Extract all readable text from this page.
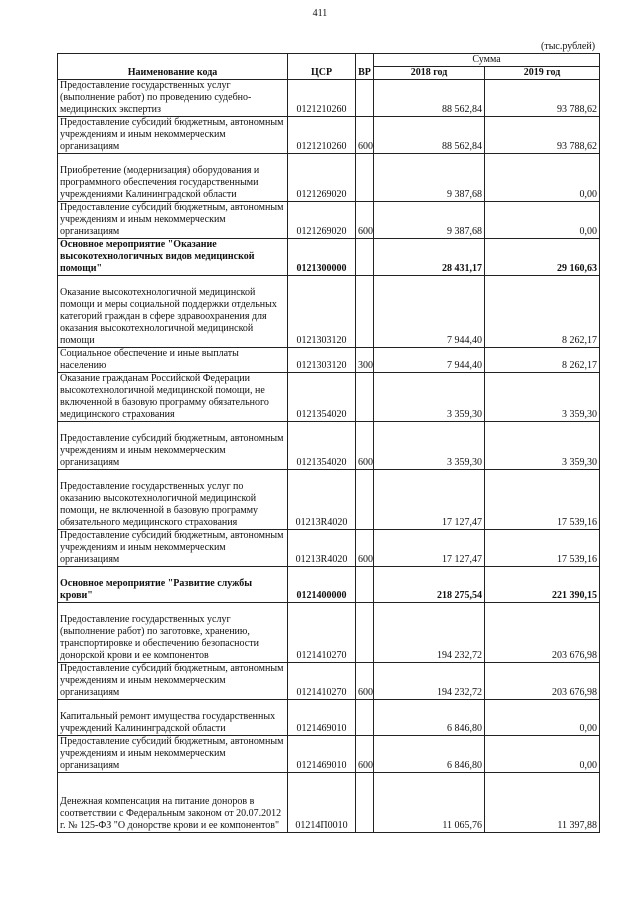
411
(тыс.рублей)
Наименование кода	ЦСР	ВР	Сумма	
			2018 год	2019 год
Предоставление государственных услуг (выполнение работ) по проведению судебно-медицинских экспертиз	0121210260		88 562,84	93 788,62
Предоставление субсидий бюджетным, автономным учреждениям и иным некоммерческим организациям	0121210260	600	88 562,84	93 788,62
Приобретение (модернизация) оборудования и программного обеспечения государственными учреждениями Калининградской области	0121269020		9 387,68	0,00
Предоставление субсидий бюджетным, автономным учреждениям и иным некоммерческим организациям	0121269020	600	9 387,68	0,00
Основное мероприятие "Оказание высокотехнологичных видов медицинской помощи"	0121300000		28 431,17	29 160,63
Оказание высокотехнологичной медицинской помощи и меры социальной поддержки отдельных категорий граждан в сфере здравоохранения для оказания высокотехнологичной медицинской помощи	0121303120		7 944,40	8 262,17
Социальное обеспечение и иные выплаты населению	0121303120	300	7 944,40	8 262,17
Оказание гражданам Российской Федерации высокотехнологичной медицинской помощи, не включенной в базовую программу обязательного медицинского страхования	0121354020		3 359,30	3 359,30
Предоставление субсидий бюджетным, автономным учреждениям и иным некоммерческим организациям	0121354020	600	3 359,30	3 359,30
Предоставление государственных услуг по оказанию высокотехнологичной медицинской помощи, не включенной в базовую программу обязательного медицинского страхования	01213R4020		17 127,47	17 539,16
Предоставление субсидий бюджетным, автономным учреждениям и иным некоммерческим организациям	01213R4020	600	17 127,47	17 539,16
Основное мероприятие "Развитие службы крови"	0121400000		218 275,54	221 390,15
Предоставление государственных услуг (выполнение работ) по заготовке, хранению, транспортировке и обеспечению безопасности донорской крови и ее компонентов	0121410270		194 232,72	203 676,98
Предоставление субсидий бюджетным, автономным учреждениям и иным некоммерческим организациям	0121410270	600	194 232,72	203 676,98
Капитальный ремонт имущества государственных учреждений Калининградской области	0121469010		6 846,80	0,00
Предоставление субсидий бюджетным, автономным учреждениям и иным некоммерческим организациям	0121469010	600	6 846,80	0,00
Денежная компенсация на питание доноров в соответствии с Федеральным законом от 20.07.2012 г. № 125-ФЗ "О донорстве крови и ее компонентов"	01214П0010		11 065,76	11 397,88
